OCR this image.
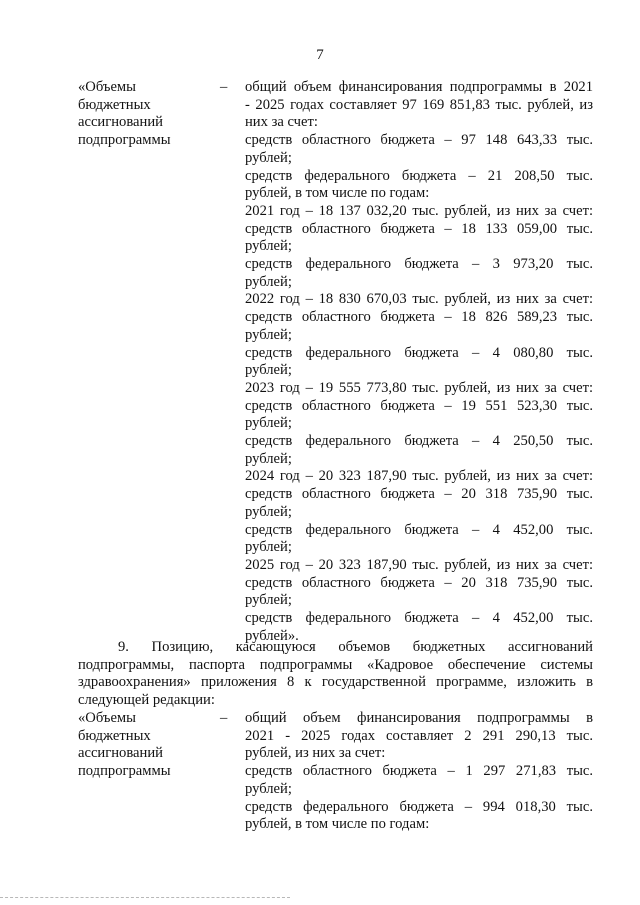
7
«Объемы
бюджетных
ассигнований
подпрограммы
– общий объем финансирования подпрограммы в 2021
- 2025 годах составляет 97 169 851,83 тыс. рублей, из
них за счет:
средств областного бюджета – 97 148 643,33 тыс.
рублей;
средств федерального бюджета – 21 208,50 тыс.
рублей, в том числе по годам:
2021 год – 18 137 032,20 тыс. рублей, из них за счет:
средств областного бюджета – 18 133 059,00 тыс.
рублей;
средств федерального бюджета – 3 973,20 тыс.
рублей;
2022 год – 18 830 670,03 тыс. рублей, из них за счет:
средств областного бюджета – 18 826 589,23 тыс.
рублей;
средств федерального бюджета – 4 080,80 тыс.
рублей;
2023 год – 19 555 773,80 тыс. рублей, из них за счет:
средств областного бюджета – 19 551 523,30 тыс.
рублей;
средств федерального бюджета – 4 250,50 тыс.
рублей;
2024 год – 20 323 187,90 тыс. рублей, из них за счет:
средств областного бюджета – 20 318 735,90 тыс.
рублей;
средств федерального бюджета – 4 452,00 тыс.
рублей;
2025 год – 20 323 187,90 тыс. рублей, из них за счет:
средств областного бюджета – 20 318 735,90 тыс.
рублей;
средств федерального бюджета – 4 452,00 тыс.
рублей».
9. Позицию, касающуюся объемов бюджетных ассигнований
подпрограммы, паспорта подпрограммы «Кадровое обеспечение системы
здравоохранения» приложения 8 к государственной программе, изложить в
следующей редакции:
«Объемы
бюджетных
ассигнований
подпрограммы
– общий объем финансирования подпрограммы в
2021 - 2025 годах составляет 2 291 290,13 тыс.
рублей, из них за счет:
средств областного бюджета – 1 297 271,83 тыс.
рублей;
средств федерального бюджета – 994 018,30 тыс.
рублей, в том числе по годам:
